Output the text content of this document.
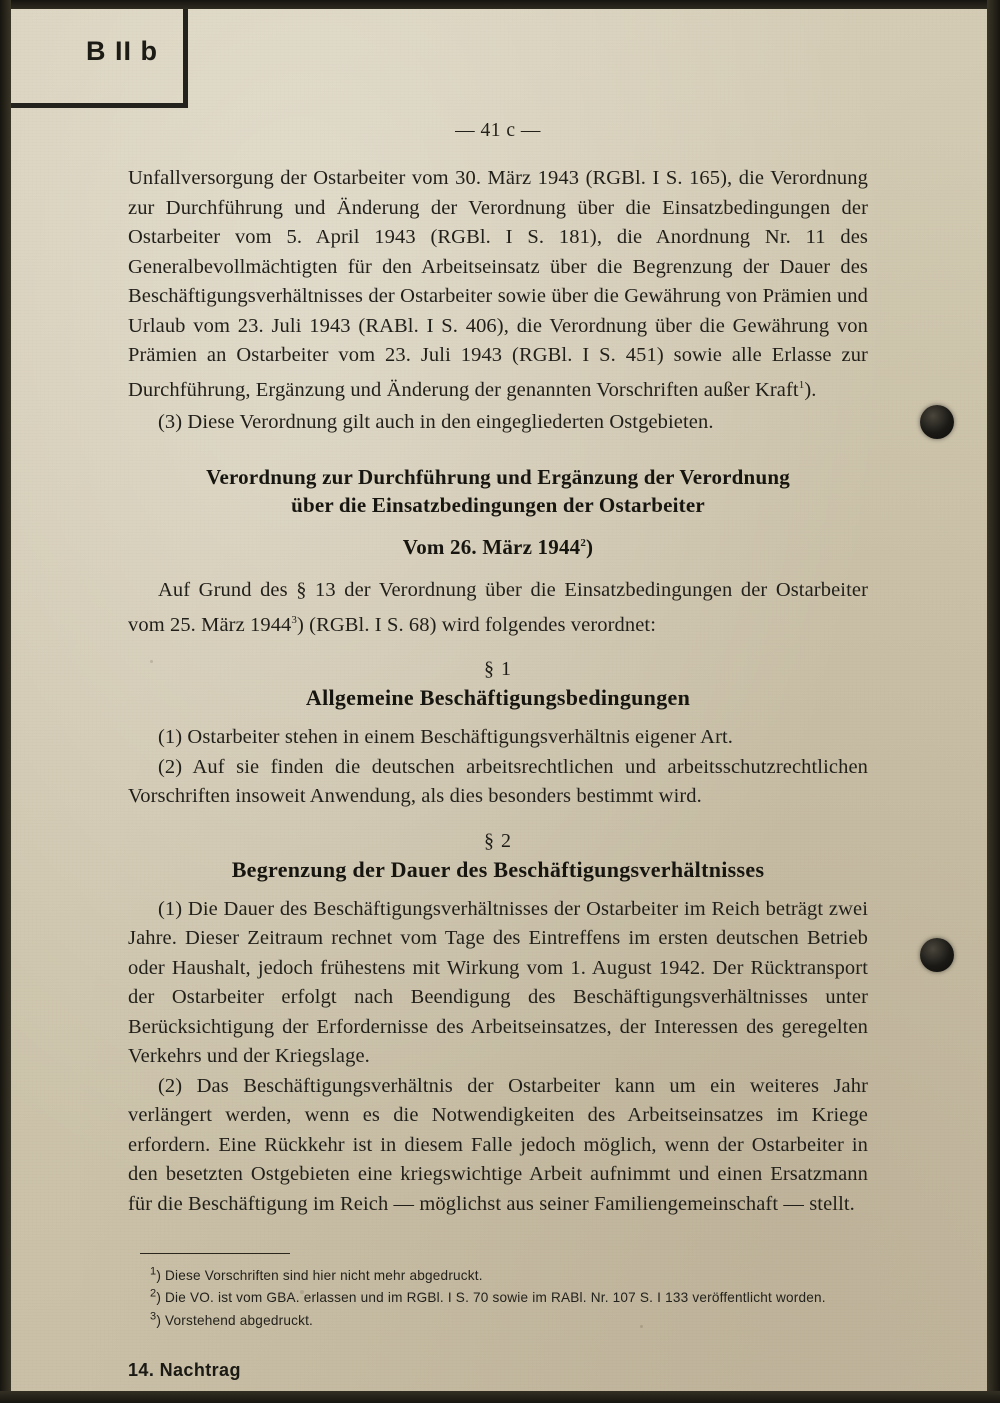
B II b
— 41 c —

Unfallversorgung der Ostarbeiter vom 30. März 1943 (RGBl. I S. 165), die Verordnung zur Durchführung und Änderung der Verordnung über die Einsatzbedingungen der Ostarbeiter vom 5. April 1943 (RGBl. I S. 181), die Anordnung Nr. 11 des Generalbevollmächtigten für den Arbeitseinsatz über die Begrenzung der Dauer des Beschäftigungsverhältnisses der Ostarbeiter sowie über die Gewährung von Prämien und Urlaub vom 23. Juli 1943 (RABl. I S. 406), die Verordnung über die Gewährung von Prämien an Ostarbeiter vom 23. Juli 1943 (RGBl. I S. 451) sowie alle Erlasse zur Durchführung, Ergänzung und Änderung der genannten Vorschriften außer Kraft$^1$).

(3) Diese Verordnung gilt auch in den eingegliederten Ostgebieten.

Verordnung zur Durchführung und Ergänzung der Verordnung
über die Einsatzbedingungen der Ostarbeiter
Vom 26. März 1944$^2$)

Auf Grund des § 13 der Verordnung über die Einsatzbedingungen der Ostarbeiter vom 25. März 1944$^3$) (RGBl. I S. 68) wird folgendes verordnet:

§ 1
Allgemeine Beschäftigungsbedingungen

(1) Ostarbeiter stehen in einem Beschäftigungsverhältnis eigener Art.

(2) Auf sie finden die deutschen arbeitsrechtlichen und arbeitsschutzrechtlichen Vorschriften insoweit Anwendung, als dies besonders bestimmt wird.

§ 2
Begrenzung der Dauer des Beschäftigungsverhältnisses

(1) Die Dauer des Beschäftigungsverhältnisses der Ostarbeiter im Reich beträgt zwei Jahre. Dieser Zeitraum rechnet vom Tage des Eintreffens im ersten deutschen Betrieb oder Haushalt, jedoch frühestens mit Wirkung vom 1. August 1942. Der Rücktransport der Ostarbeiter erfolgt nach Beendigung des Beschäftigungsverhältnisses unter Berücksichtigung der Erfordernisse des Arbeitseinsatzes, der Interessen des geregelten Verkehrs und der Kriegslage.

(2) Das Beschäftigungsverhältnis der Ostarbeiter kann um ein weiteres Jahr verlängert werden, wenn es die Notwendigkeiten des Arbeitseinsatzes im Kriege erfordern. Eine Rückkehr ist in diesem Falle jedoch möglich, wenn der Ostarbeiter in den besetzten Ostgebieten eine kriegswichtige Arbeit aufnimmt und einen Ersatzmann für die Beschäftigung im Reich — möglichst aus seiner Familiengemeinschaft — stellt.

$^1$) Diese Vorschriften sind hier nicht mehr abgedruckt.

$^2$) Die VO. ist vom GBA. erlassen und im RGBl. I S. 70 sowie im RABl. Nr. 107 S. I 133 veröffentlicht worden.

$^3$) Vorstehend abgedruckt.

14. Nachtrag
